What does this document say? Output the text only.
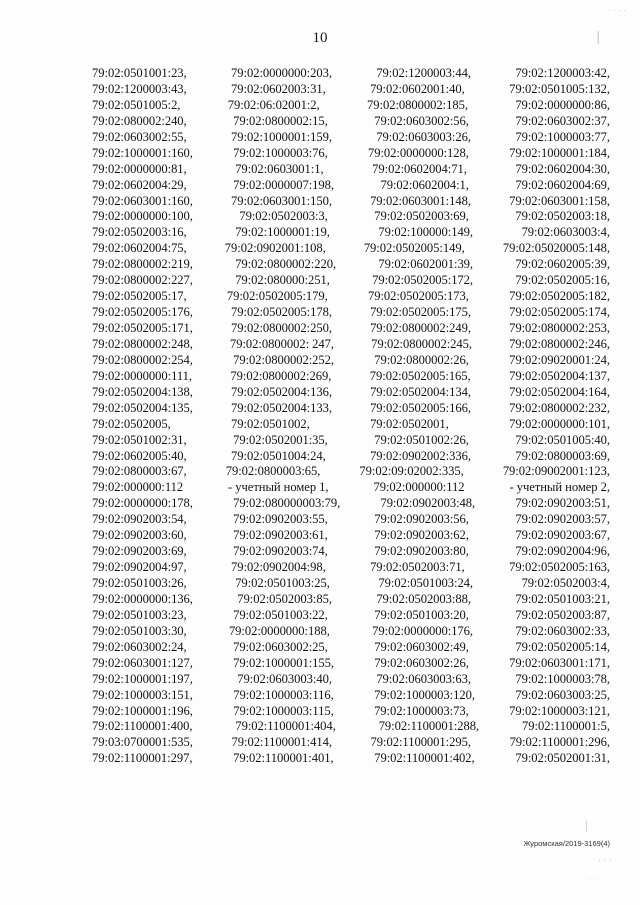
· · · ·
|
10
79:02:0501001:23,	79:02:0000000:203,	79:02:1200003:44,	79:02:1200003:42,
79:02:1200003:43,	79:02:0602003:31,	79:02:0602001:40,	79:02:0501005:132,
79:02:0501005:2,	79:02:06:02001:2,	79:02:0800002:185,	79:02:0000000:86,
79:02:080002:240,	79:02:0800002:15,	79:02:0603002:56,	79:02:0603002:37,
79:02:0603002:55,	79:02:1000001:159,	79:02:0603003:26,	79:02:1000003:77,
79:02:1000001:160,	79:02:1000003:76,	79:02:0000000:128,	79:02:1000001:184,
79:02:0000000:81,	79:02:0603001:1,	79:02:0602004:71,	79:02:0602004:30,
79:02:0602004:29,	79:02:0000007:198,	79:02:0602004:1,	79:02:0602004:69,
79:02:0603001:160,	79:02:0603001:150,	79:02:0603001:148,	79:02:0603001:158,
79:02:0000000:100,	79:02:0502003:3,	79:02:0502003:69,	79:02:0502003:18,
79:02:0502003:16,	79:02:1000001:19,	79:02:100000:149,	79:02:0603003:4,
79:02:0602004:75,	79:02:0902001:108,	79:02:0502005:149,	79:02:05020005:148,
79:02:0800002:219,	79:02:0800002:220,	79:02:0602001:39,	79:02:0602005:39,
79:02:0800002:227,	79:02:080000:251,	79:02:0502005:172,	79:02:0502005:16,
79:02:0502005:17,	79:02:0502005:179,	79:02:0502005:173,	79:02:0502005:182,
79:02:0502005:176,	79:02:0502005:178,	79:02:0502005:175,	79:02:0502005:174,
79:02:0502005:171,	79:02:0800002:250,	79:02:0800002:249,	79:02:0800002:253,
79:02:0800002:248,	79:02:0800002: 247,	79:02:0800002:245,	79:02:0800002:246,
79:02:0800002:254,	79:02:0800002:252,	79:02:0800002:26,	79:02:09020001:24,
79:02:0000000:111,	79:02:0800002:269,	79:02:0502005:165,	79:02:0502004:137,
79:02:0502004:138,	79:02:0502004:136,	79:02:0502004:134,	79:02:0502004:164,
79:02:0502004:135,	79:02:0502004:133,	79:02:0502005:166,	79:02:0800002:232,
79:02:0502005,	79:02:0501002,	79:02:0502001,	79:02:0000000:101,
79:02:0501002:31,	79:02:0502001:35,	79:02:0501002:26,	79:02:0501005:40,
79:02:0602005:40,	79:02:0501004:24,	79:02:0902002:336,	79:02:0800003:69,
79:02:0800003:67,	79:02:0800003:65,	79:02:09:02002:335,	79:02:09002001:123,
79:02:000000:112	- учетный номер 1,	79:02:000000:112	- учетный номер 2,
79:02:0000000:178,	79:02:080000003:79,	79:02:0902003:48,	79:02:0902003:51,
79:02:0902003:54,	79:02:0902003:55,	79:02:0902003:56,	79:02:0902003:57,
79:02:0902003:60,	79:02:0902003:61,	79:02:0902003:62,	79:02:0902003:67,
79:02:0902003:69,	79:02:0902003:74,	79:02:0902003:80,	79:02:0902004:96,
79:02:0902004:97,	79:02:0902004:98,	79:02:0502003:71,	79:02:0502005:163,
79:02:0501003:26,	79:02:0501003:25,	79:02:0501003:24,	79:02:0502003:4,
79:02:0000000:136,	79:02:0502003:85,	79:02:0502003:88,	79:02:0501003:21,
79:02:0501003:23,	79:02:0501003:22,	79:02:0501003:20,	79:02:0502003:87,
79:02:0501003:30,	79:02:0000000:188,	79:02:0000000:176,	79:02:0603002:33,
79:02:0603002:24,	79:02:0603002:25,	79:02:0603002:49,	79:02:0502005:14,
79:02:0603001:127,	79:02:1000001:155,	79:02:0603002:26,	79:02:0603001:171,
79:02:1000001:197,	79:02:0603003:40,	79:02:0603003:63,	79:02:1000003:78,
79:02:1000003:151,	79:02:1000003:116,	79:02:1000003:120,	79:02:0603003:25,
79:02:1000001:196,	79:02:1000003:115,	79:02:1000003:73,	79:02:1000003:121,
79:02:1100001:400,	79:02:1100001:404,	79:02:1100001:288,	79:02:1100001:5,
79:03:0700001:535,	79:02:1100001:414,	79:02:1100001:295,	79:02:1100001:296,
79:02:1100001:297,	79:02:1100001:401,	79:02:1100001:402,	79:02:0502001:31,
|
Журомская/2019-3169(4)
· · ·
· ·
